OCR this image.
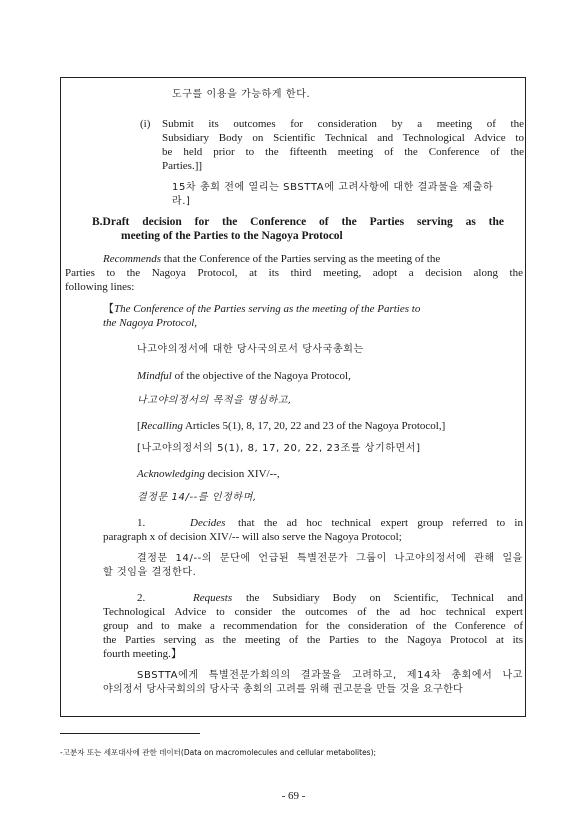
도구를 이용을 가능하게 한다.

(i) Submit its outcomes for consideration by a meeting of the

Subsidiary Body on Scientific Technical and Technological Advice to

be held prior to the fifteenth meeting of the Conference of the

Parties.]]

15차 총회 전에 열리는 SBSTTA에 고려사항에 대한 결과물을 제출하

라.]

B.Draft decision for the Conference of the Parties serving as the

meeting of the Parties to the Nagoya Protocol

Recommends that the Conference of the Parties serving as the meeting of the

Parties to the Nagoya Protocol, at its third meeting, adopt a decision along the

following lines:

【The Conference of the Parties serving as the meeting of the Parties to

the Nagoya Protocol,

나고야의정서에 대한 당사국의로서 당사국총회는

Mindful of the objective of the Nagoya Protocol,

나고야의정서의 목적을 명심하고,

[Recalling Articles 5(1), 8, 17, 20, 22 and 23 of the Nagoya Protocol,]

[나고야의정서의 5(1), 8, 17, 20, 22, 23조를 상기하면서]

Acknowledging decision XIV/--,

결정문 14/--를 인정하며,

1.	Decides that the ad hoc technical expert group referred to in

paragraph x of decision XIV/-- will also serve the Nagoya Protocol;

결정문 14/--의 문단에 언급된 특별전문가 그룹이 나고야의정서에 관해 일을

할 것임을 결정한다.

2.	Requests the Subsidiary Body on Scientific, Technical and

Technological Advice to consider the outcomes of the ad hoc technical expert

group and to make a recommendation for the consideration of the Conference of

the Parties serving as the meeting of the Parties to the Nagoya Protocol at its

fourth meeting.】

SBSTTA에게 특별전문가회의의 결과물을 고려하고, 제14차 총회에서 나고

야의정서 당사국회의의 당사국 총회의 고려를 위해 권고문을 만들 것을 요구한다

-고분자 또는 세포대사에 관한 데이터(Data on macromolecules and cellular metabolites);

- 69 -
